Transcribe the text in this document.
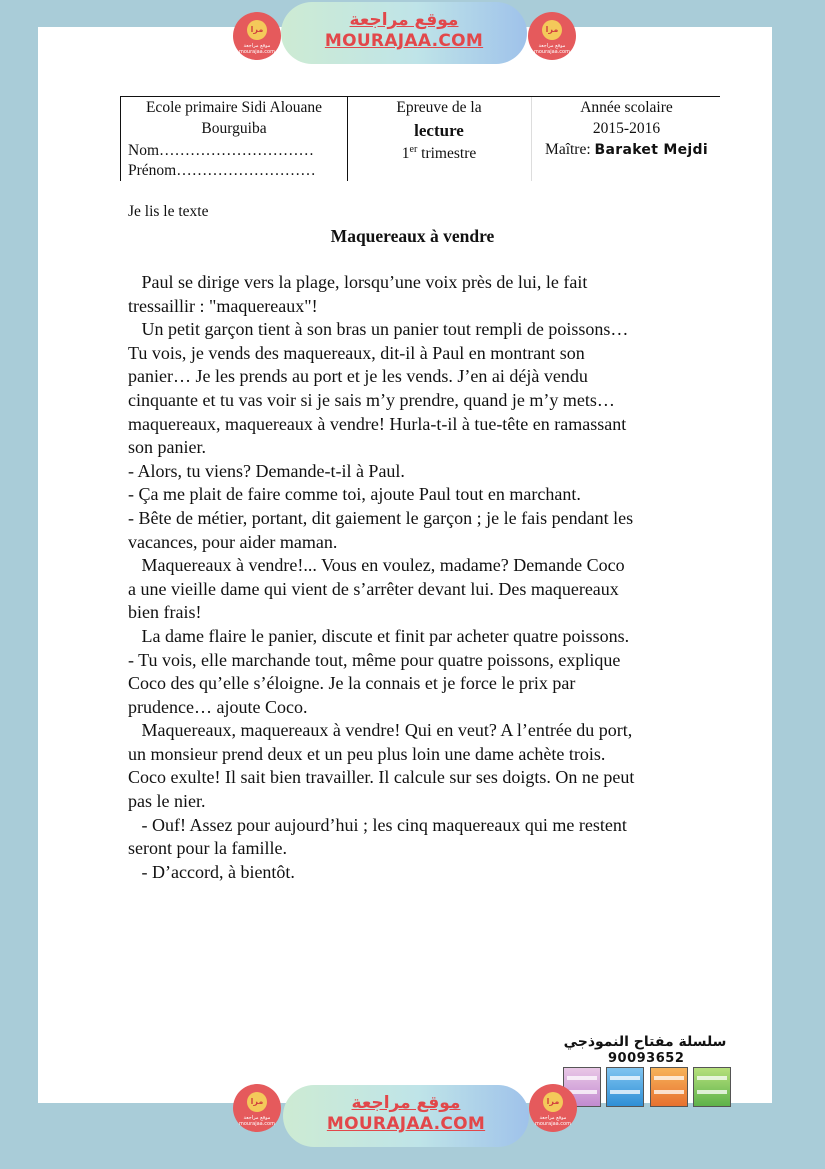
مرا
موقع مراجعة mourajaa.com
موقع مراجعة
MOURAJAA.COM
مرا
موقع مراجعة mourajaa.com
Ecole primaire Sidi Alouane
Bourguiba
Nom…………………………
Prénom………………………
Epreuve de la
lecture
1er trimestre
Année scolaire
2015-2016
Maître: Baraket Mejdi
Je lis le texte
Maquereaux à vendre

Paul se dirige vers la plage, lorsqu’une voix près de lui, le fait

tressaillir : "maquereaux"!

Un petit garçon tient à son bras un panier tout rempli de poissons…

Tu vois, je vends des maquereaux, dit-il à Paul en montrant son

panier… Je les prends au port et je les vends. J’en ai déjà vendu

cinquante et tu vas voir si je sais m’y prendre, quand je m’y mets…

maquereaux, maquereaux à vendre! Hurla-t-il à tue-tête en ramassant

son panier.

- Alors, tu viens? Demande-t-il à Paul.

- Ça me plait de faire comme toi, ajoute Paul tout en marchant.

- Bête de métier, portant, dit gaiement le garçon ; je le fais pendant les

vacances, pour aider maman.

Maquereaux à vendre!... Vous en voulez, madame? Demande Coco

a une vieille dame qui vient de s’arrêter devant lui. Des maquereaux

bien frais!

La dame flaire le panier, discute et finit par acheter quatre poissons.

- Tu vois, elle marchande tout, même pour quatre poissons, explique

Coco des qu’elle s’éloigne. Je la connais et je force le prix par

prudence… ajoute Coco.

Maquereaux, maquereaux à vendre! Qui en veut? A l’entrée du port,

un monsieur prend deux et un peu plus loin une dame achète trois.

Coco exulte! Il sait bien travailler. Il calcule sur ses doigts. On ne peut

pas le nier.

- Ouf! Assez pour aujourd’hui ; les cinq maquereaux qui me restent

seront pour la famille.

- D’accord, à bientôt.

سلسلة مفتاح النموذجي
90093652
مرا
موقع مراجعة mourajaa.com
موقع مراجعة
MOURAJAA.COM
مرا
موقع مراجعة mourajaa.com
